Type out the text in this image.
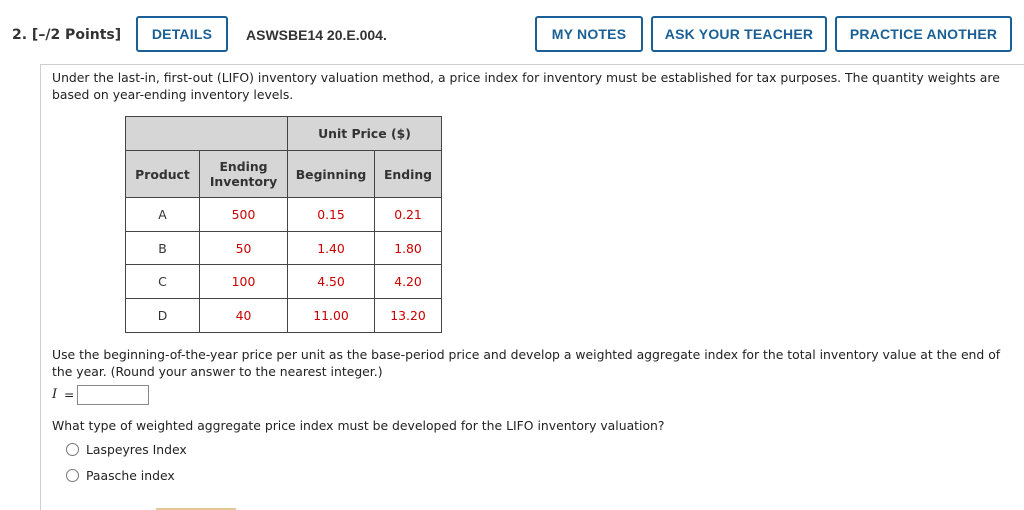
2. [–/2 Points]	DETAILS	ASWSBE14 20.E.004.	MY NOTES	ASK YOUR TEACHER	PRACTICE ANOTHER
Under the last-in, first-out (LIFO) inventory valuation method, a price index for inventory must be established for tax purposes. The quantity weights are based on year-ending inventory levels.
		Unit Price ($)	
Product	Ending Inventory	Beginning	Ending
A	500	0.15	0.21
B	50	1.40	1.80
C	100	4.50	4.20
D	40	11.00	13.20
Use the beginning-of-the-year price per unit as the base-period price and develop a weighted aggregate index for the total inventory value at the end of the year. (Round your answer to the nearest integer.)
I =
What type of weighted aggregate price index must be developed for the LIFO inventory valuation?
Laspeyres Index
Paasche index
